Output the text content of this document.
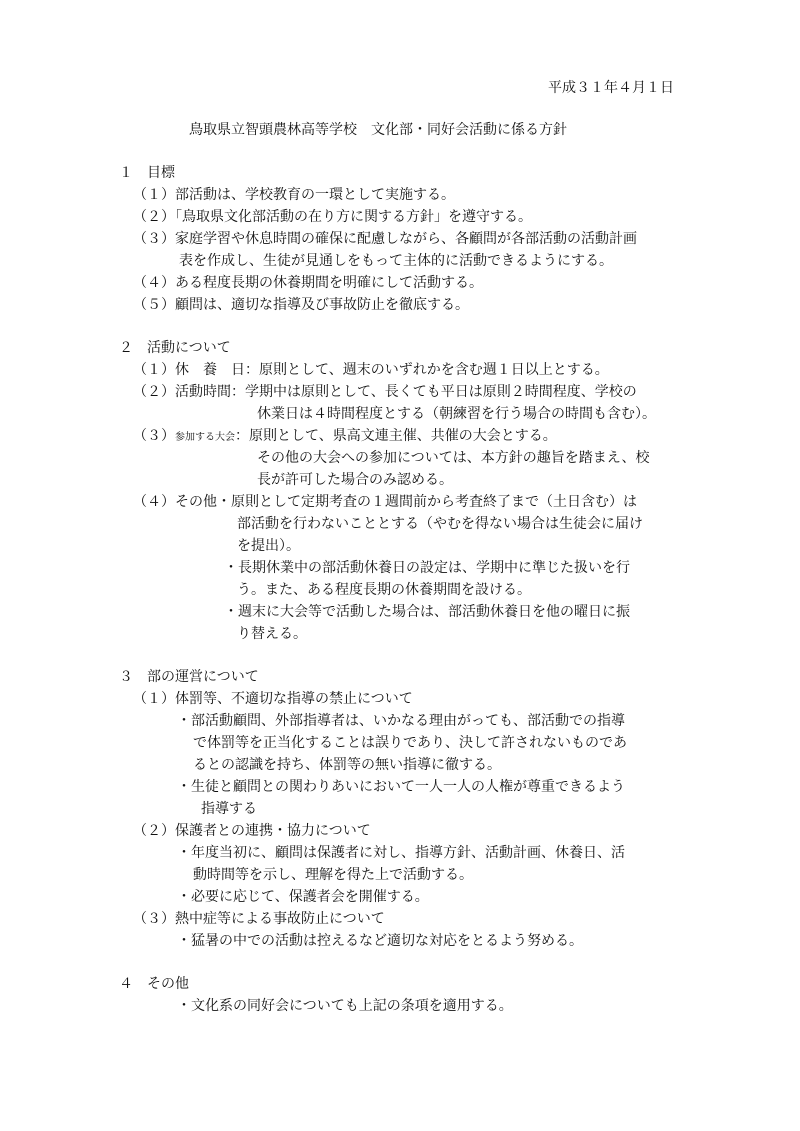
平成３１年４月１日
鳥取県立智頭農林高等学校　文化部・同好会活動に係る方針
１　目標
（１）部活動は、学校教育の一環として実施する。
（２）「鳥取県文化部活動の在り方に関する方針」を遵守する。
（３）家庭学習や休息時間の確保に配慮しながら、各顧問が各部活動の活動計画
表を作成し、生徒が見通しをもって主体的に活動できるようにする。
（４）ある程度長期の休養期間を明確にして活動する。
（５）顧問は、適切な指導及び事故防止を徹底する。
２　活動について
（１）休　養　日：原則として、週末のいずれかを含む週１日以上とする。
（２）活動時間：学期中は原則として、長くても平日は原則２時間程度、学校の
休業日は４時間程度とする（朝練習を行う場合の時間も含む）。
（３）参加する大会：原則として、県高文連主催、共催の大会とする。
その他の大会への参加については、本方針の趣旨を踏まえ、校
長が許可した場合のみ認める。
（４）その他・原則として定期考査の１週間前から考査終了まで（土日含む）は
部活動を行わないこととする（やむを得ない場合は生徒会に届け
を提出）。
・長期休業中の部活動休養日の設定は、学期中に準じた扱いを行
う。また、ある程度長期の休養期間を設ける。
・週末に大会等で活動した場合は、部活動休養日を他の曜日に振
り替える。
３　部の運営について
（１）体罰等、不適切な指導の禁止について
・部活動顧問、外部指導者は、いかなる理由がっても、部活動での指導
で体罰等を正当化することは誤りであり、決して許されないものであ
るとの認識を持ち、体罰等の無い指導に徹する。
・生徒と顧問との関わりあいにおいて一人一人の人権が尊重できるよう
指導する
（２）保護者との連携・協力について
・年度当初に、顧問は保護者に対し、指導方針、活動計画、休養日、活
動時間等を示し、理解を得た上で活動する。
・必要に応じて、保護者会を開催する。
（３）熱中症等による事故防止について
・猛暑の中での活動は控えるなど適切な対応をとるよう努める。
４　その他
・文化系の同好会についても上記の条項を適用する。
